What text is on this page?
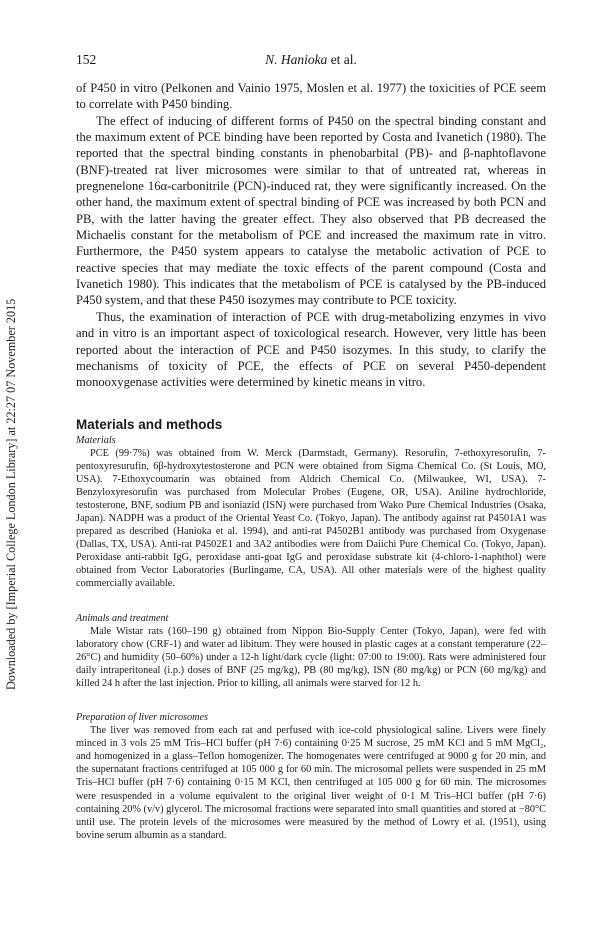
152	N. Hanioka et al.
Downloaded by [Imperial College London Library] at 22:27 07 November 2015

of P450 in vitro (Pelkonen and Vainio 1975, Moslen et al. 1977) the toxicities of PCE seem to correlate with P450 binding.

The effect of inducing of different forms of P450 on the spectral binding constant and the maximum extent of PCE binding have been reported by Costa and Ivanetich (1980). The reported that the spectral binding constants in phenobarbital (PB)- and β-naphtoflavone (BNF)-treated rat liver microsomes were similar to that of untreated rat, whereas in pregnenelone 16α-carbonitrile (PCN)-induced rat, they were significantly increased. On the other hand, the maximum extent of spectral binding of PCE was increased by both PCN and PB, with the latter having the greater effect. They also observed that PB decreased the Michaelis constant for the metabolism of PCE and increased the maximum rate in vitro. Furthermore, the P450 system appears to catalyse the metabolic activation of PCE to reactive species that may mediate the toxic effects of the parent compound (Costa and Ivanetich 1980). This indicates that the metabolism of PCE is catalysed by the PB-induced P450 system, and that these P450 isozymes may contribute to PCE toxicity.

Thus, the examination of interaction of PCE with drug-metabolizing enzymes in vivo and in vitro is an important aspect of toxicological research. However, very little has been reported about the interaction of PCE and P450 isozymes. In this study, to clarify the mechanisms of toxicity of PCE, the effects of PCE on several P450-dependent monooxygenase activities were determined by kinetic means in vitro.

Materials and methods
Materials

PCE (99·7%) was obtained from W. Merck (Darmstadt, Germany). Resorufin, 7-ethoxyresorufin, 7-pentoxyresurufin, 6β-hydroxytestosterone and PCN were obtained from Sigma Chemical Co. (St Louis, MO, USA). 7-Ethoxycoumarin was obtained from Aldrich Chemical Co. (Milwaukee, WI, USA). 7-Benzyloxyresorufin was purchased from Molecular Probes (Eugene, OR, USA). Aniline hydrochloride, testosterone, BNF, sodium PB and isoniazid (ISN) were purchased from Wako Pure Chemical Industries (Osaka, Japan). NADPH was a product of the Oriental Yeast Co. (Tokyo, Japan). The antibody against rat P4501A1 was prepared as described (Hanioka et al. 1994), and anti-rat P4502B1 antibody was purchased from Oxygenase (Dallas, TX, USA). Anti-rat P4502E1 and 3A2 antibodies were from Daiichi Pure Chemical Co. (Tokyo, Japan). Peroxidase anti-rabbit IgG, peroxidase anti-goat IgG and peroxidase substrate kit (4-chloro-1-naphthol) were obtained from Vector Laboratories (Burlingame, CA, USA). All other materials were of the highest quality commercially available.

Animals and treatment

Male Wistar rats (160–190 g) obtained from Nippon Bio-Supply Center (Tokyo, Japan), were fed with laboratory chow (CRF-1) and water ad libitum. They were housed in plastic cages at a constant temperature (22–26°C) and humidity (50–60%) under a 12-h light/dark cycle (light: 07:00 to 19:00). Rats were administered four daily intraperitoneal (i.p.) doses of BNF (25 mg/kg), PB (80 mg/kg), ISN (80 mg/kg) or PCN (60 mg/kg) and killed 24 h after the last injection. Prior to killing, all animals were starved for 12 h.

Preparation of liver microsomes

The liver was removed from each rat and perfused with ice-cold physiological saline. Livers were finely minced in 3 vols 25 mM Tris–HCl buffer (pH 7·6) containing 0·25 M sucrose, 25 mM KCl and 5 mM MgCl₂, and homogenized in a glass–Teflon homogenizer. The homogenates were centrifuged at 9000 g for 20 min, and the supernatant fractions centrifuged at 105 000 g for 60 min. The microsomal pellets were suspended in 25 mM Tris–HCl buffer (pH 7·6) containing 0·15 M KCl, then centrifuged at 105 000 g for 60 min. The microsomes were resuspended in a volume equivalent to the original liver weight of 0·1 M Tris–HCl buffer (pH 7·6) containing 20% (v/v) glycerol. The microsomal fractions were separated into small quantities and stored at −80°C until use. The protein levels of the microsomes were measured by the method of Lowry et al. (1951), using bovine serum albumin as a standard.
